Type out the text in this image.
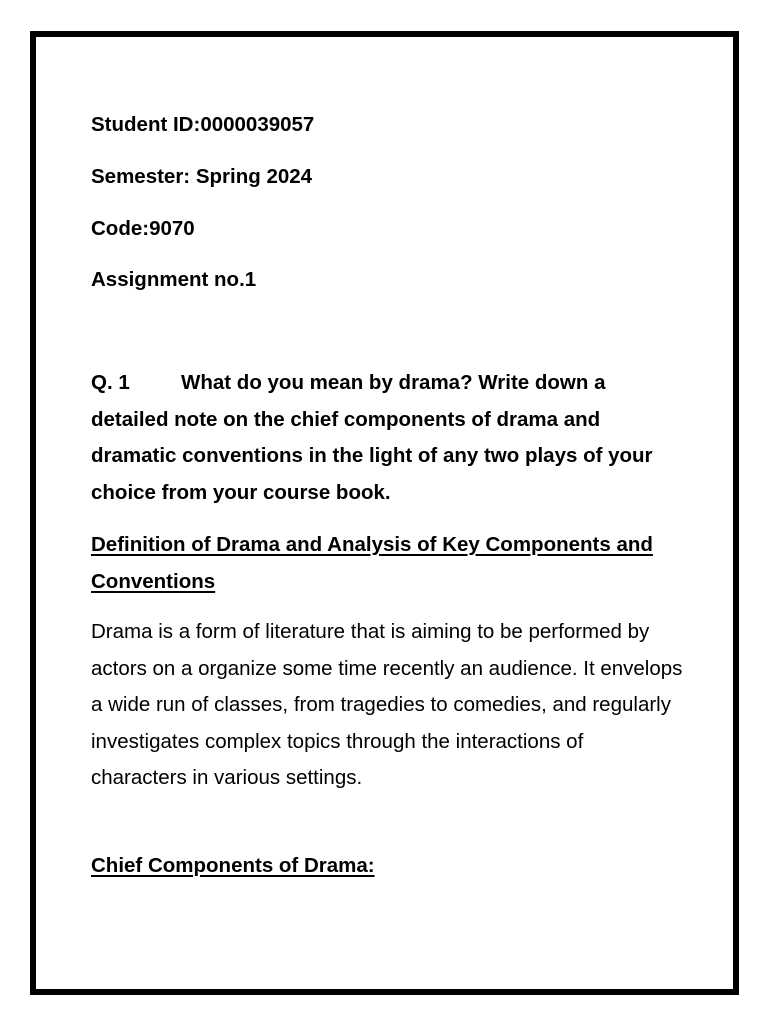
Student ID:0000039057
Semester: Spring 2024
Code:9070
Assignment no.1
Q. 1	What do you mean by drama? Write down a detailed note on the chief components of drama and dramatic conventions in the light of any two plays of your choice from your course book.
Definition of Drama and Analysis of Key Components and Conventions
Drama is a form of literature that is aiming to be performed by actors on a organize some time recently an audience. It envelops a wide run of classes, from tragedies to comedies, and regularly investigates complex topics through the interactions of characters in various settings.
Chief Components of Drama:
